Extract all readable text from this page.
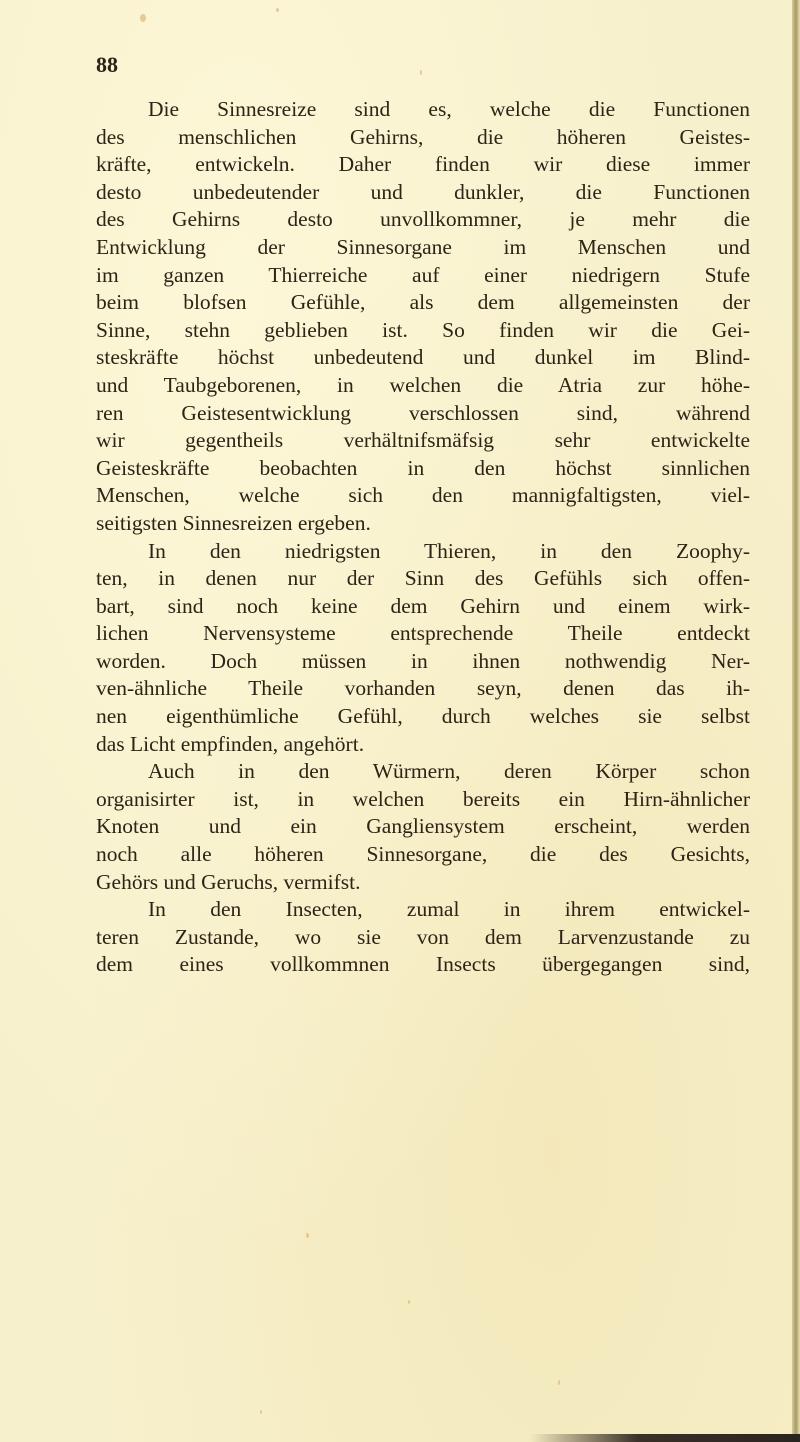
88
Die Sinnesreize sind es, welche die Functionen
des menschlichen Gehirns, die höheren Geistes-
kräfte, entwickeln. Daher finden wir diese immer
desto unbedeutender und dunkler, die Functionen
des Gehirns desto unvollkommner, je mehr die
Entwicklung der Sinnesorgane im Menschen und
im ganzen Thierreiche auf einer niedrigern Stufe
beim blofsen Gefühle, als dem allgemeinsten der
Sinne, stehn geblieben ist. So finden wir die Gei-
steskräfte höchst unbedeutend und dunkel im Blind-
und Taubgeborenen, in welchen die Atria zur höhe-
ren Geistesentwicklung verschlossen sind, während
wir gegentheils verhältnifsmäfsig sehr entwickelte
Geisteskräfte beobachten in den höchst sinnlichen
Menschen, welche sich den mannigfaltigsten, viel-
seitigsten Sinnesreizen ergeben.
In den niedrigsten Thieren, in den Zoophy-
ten, in denen nur der Sinn des Gefühls sich offen-
bart, sind noch keine dem Gehirn und einem wirk-
lichen Nervensysteme entsprechende Theile entdeckt
worden. Doch müssen in ihnen nothwendig Ner-
ven-ähnliche Theile vorhanden seyn, denen das ih-
nen eigenthümliche Gefühl, durch welches sie selbst
das Licht empfinden, angehört.
Auch in den Würmern, deren Körper schon
organisirter ist, in welchen bereits ein Hirn-ähnlicher
Knoten und ein Gangliensystem erscheint, werden
noch alle höheren Sinnesorgane, die des Gesichts,
Gehörs und Geruchs, vermifst.
In den Insecten, zumal in ihrem entwickel-
teren Zustande, wo sie von dem Larvenzustande zu
dem eines vollkommnen Insects übergegangen sind,
